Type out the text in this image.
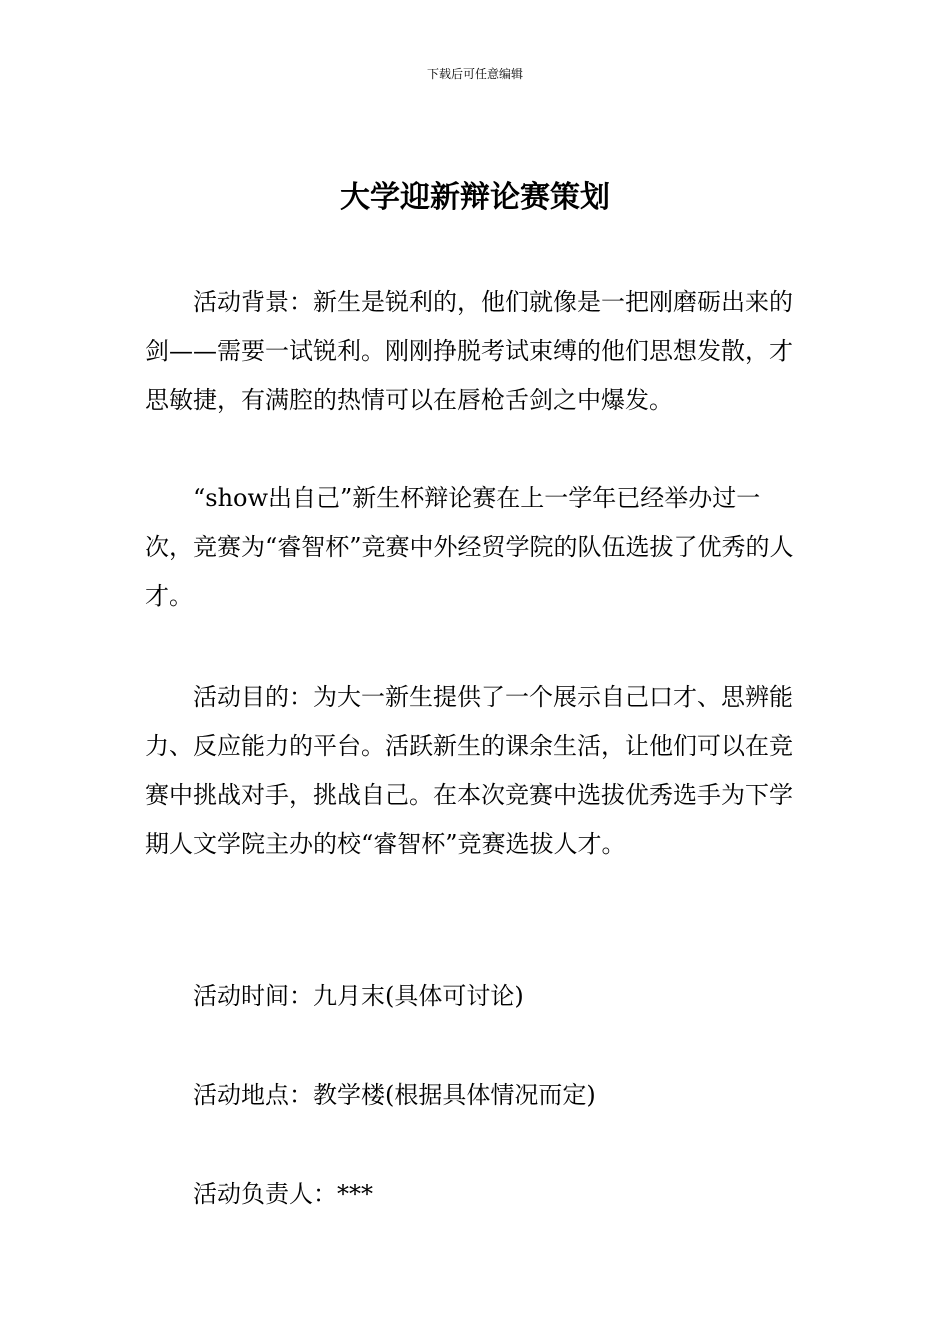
下载后可任意编辑
大学迎新辩论赛策划

活动背景：新生是锐利的，他们就像是一把刚磨砺出来的剑——需要一试锐利。刚刚挣脱考试束缚的他们思想发散，才思敏捷，有满腔的热情可以在唇枪舌剑之中爆发。

“show出自己”新生杯辩论赛在上一学年已经举办过一次，竞赛为“睿智杯”竞赛中外经贸学院的队伍选拔了优秀的人才。

活动目的：为大一新生提供了一个展示自己口才、思辨能力、反应能力的平台。活跃新生的课余生活，让他们可以在竞赛中挑战对手，挑战自己。在本次竞赛中选拔优秀选手为下学期人文学院主办的校“睿智杯”竞赛选拔人才。

活动时间：九月末(具体可讨论)

活动地点：教学楼(根据具体情况而定)

活动负责人：***
